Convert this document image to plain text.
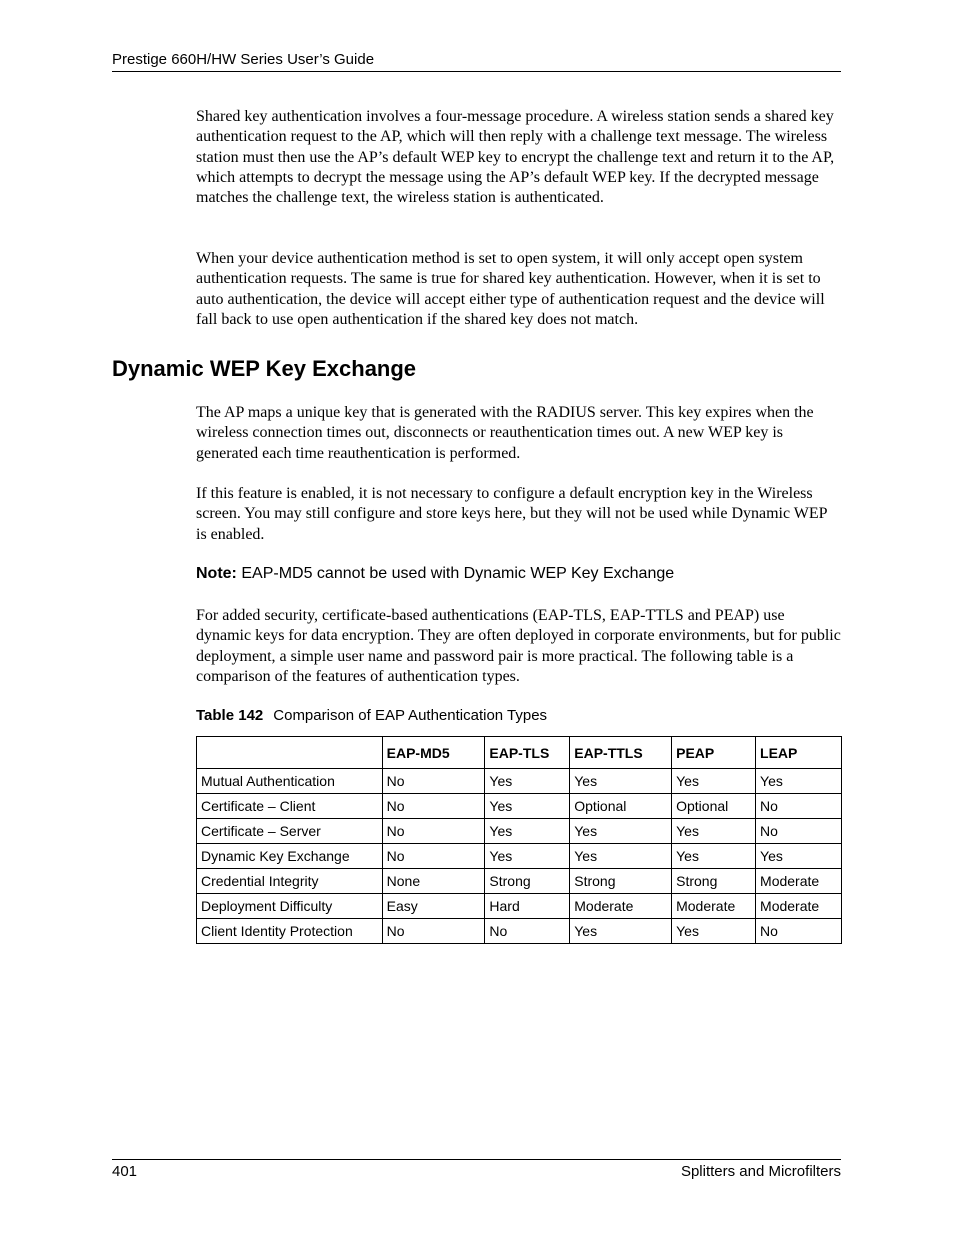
Prestige 660H/HW Series User’s Guide
Shared key authentication involves a four-message procedure. A wireless station sends a shared key authentication request to the AP, which will then reply with a challenge text message. The wireless station must then use the AP’s default WEP key to encrypt the challenge text and return it to the AP, which attempts to decrypt the message using the AP’s default WEP key. If the decrypted message matches the challenge text, the wireless station is authenticated.
When your device authentication method is set to open system, it will only accept open system authentication requests. The same is true for shared key authentication. However, when it is set to auto authentication, the device will accept either type of authentication request and the device will fall back to use open authentication if the shared key does not match.
Dynamic WEP Key Exchange
The AP maps a unique key that is generated with the RADIUS server. This key expires when the wireless connection times out, disconnects or reauthentication times out. A new WEP key is generated each time reauthentication is performed.
If this feature is enabled, it is not necessary to configure a default encryption key in the Wireless screen. You may still configure and store keys here, but they will not be used while Dynamic WEP is enabled.
Note: EAP-MD5 cannot be used with Dynamic WEP Key Exchange
For added security, certificate-based authentications (EAP-TLS, EAP-TTLS and PEAP) use dynamic keys for data encryption. They are often deployed in corporate environments, but for public deployment, a simple user name and password pair is more practical. The following table is a comparison of the features of authentication types.
Table 142 Comparison of EAP Authentication Types
	EAP-MD5	EAP-TLS	EAP-TTLS	PEAP	LEAP
Mutual Authentication	No	Yes	Yes	Yes	Yes
Certificate – Client	No	Yes	Optional	Optional	No
Certificate – Server	No	Yes	Yes	Yes	No
Dynamic Key Exchange	No	Yes	Yes	Yes	Yes
Credential Integrity	None	Strong	Strong	Strong	Moderate
Deployment Difficulty	Easy	Hard	Moderate	Moderate	Moderate
Client Identity Protection	No	No	Yes	Yes	No
401	Splitters and Microfilters
